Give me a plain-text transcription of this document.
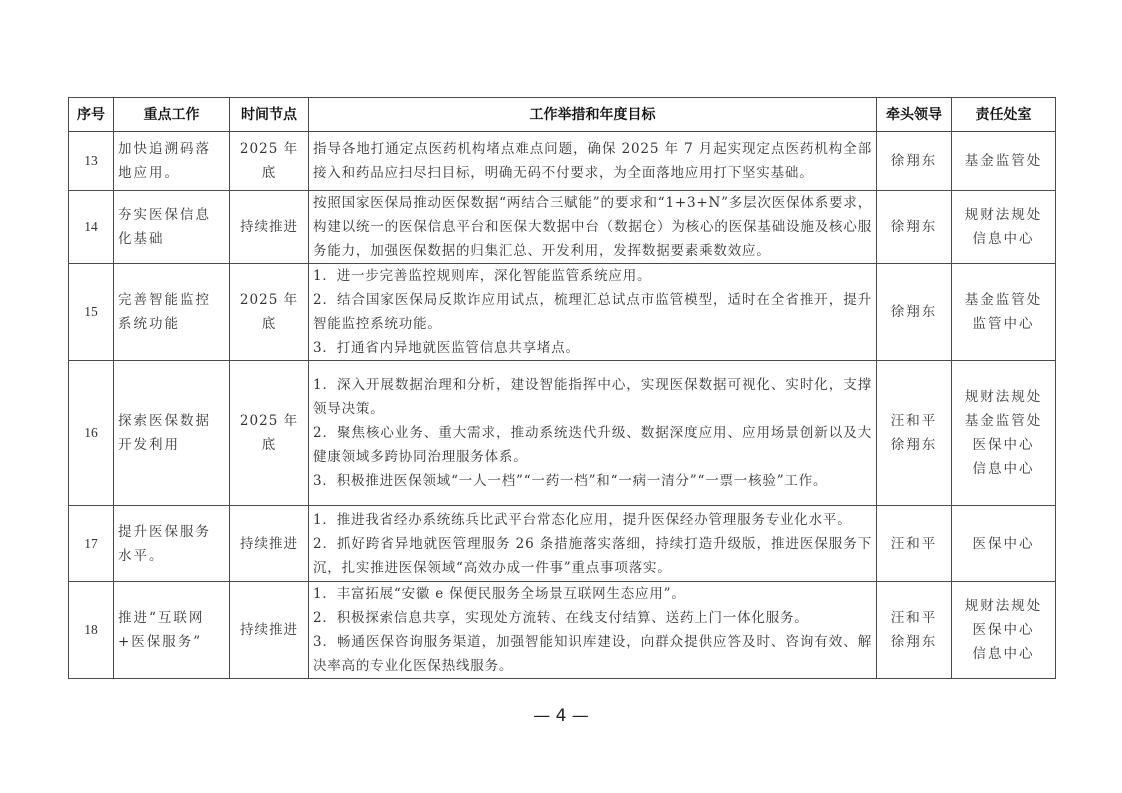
序号	重点工作	时间节点	工作举措和年度目标	牵头领导	责任处室
13	加快追溯码落地应用。	2025 年底	指导各地打通定点医药机构堵点难点问题，确保 2025 年 7 月起实现定点医药机构全部接入和药品应扫尽扫目标，明确无码不付要求，为全面落地应用打下坚实基础。	徐翔东	基金监管处

14	夯实医保信息化基础	持续推进	按照国家医保局推动医保数据“两结合三赋能”的要求和“1+3+N”多层次医保体系要求，构建以统一的医保信息平台和医保大数据中台（数据仓）为核心的医保基础设施及核心服务能力，加强医保数据的归集汇总、开发利用，发挥数据要素乘数效应。	徐翔东	规财法规处
信息中心

15	完善智能监控系统功能	2025 年底	1．进一步完善监控规则库，深化智能监管系统应用。
2．结合国家医保局反欺诈应用试点，梳理汇总试点市监管模型，适时在全省推开，提升智能监控系统功能。
3．打通省内异地就医监管信息共享堵点。	徐翔东	基金监管处
监管中心

16	探索医保数据开发利用	2025 年底	1．深入开展数据治理和分析，建设智能指挥中心，实现医保数据可视化、实时化，支撑领导决策。
2．聚焦核心业务、重大需求，推动系统迭代升级、数据深度应用、应用场景创新以及大健康领域多跨协同治理服务体系。
3．积极推进医保领域“一人一档”“一药一档”和“一病一清分”“一票一核验”工作。	汪和平
徐翔东	规财法规处
基金监管处
医保中心
信息中心

17	提升医保服务水平。	持续推进	1．推进我省经办系统练兵比武平台常态化应用，提升医保经办管理服务专业化水平。
2．抓好跨省异地就医管理服务 26 条措施落实落细，持续打造升级版，推进医保服务下沉，扎实推进医保领域“高效办成一件事”重点事项落实。	汪和平	医保中心

18	推进“互联网+医保服务”	持续推进	1．丰富拓展“安徽 e 保便民服务全场景互联网生态应用”。
2．积极探索信息共享，实现处方流转、在线支付结算、送药上门一体化服务。
3．畅通医保咨询服务渠道，加强智能知识库建设，向群众提供应答及时、咨询有效、解决率高的专业化医保热线服务。	汪和平
徐翔东	规财法规处
医保中心
信息中心
— 4 —
